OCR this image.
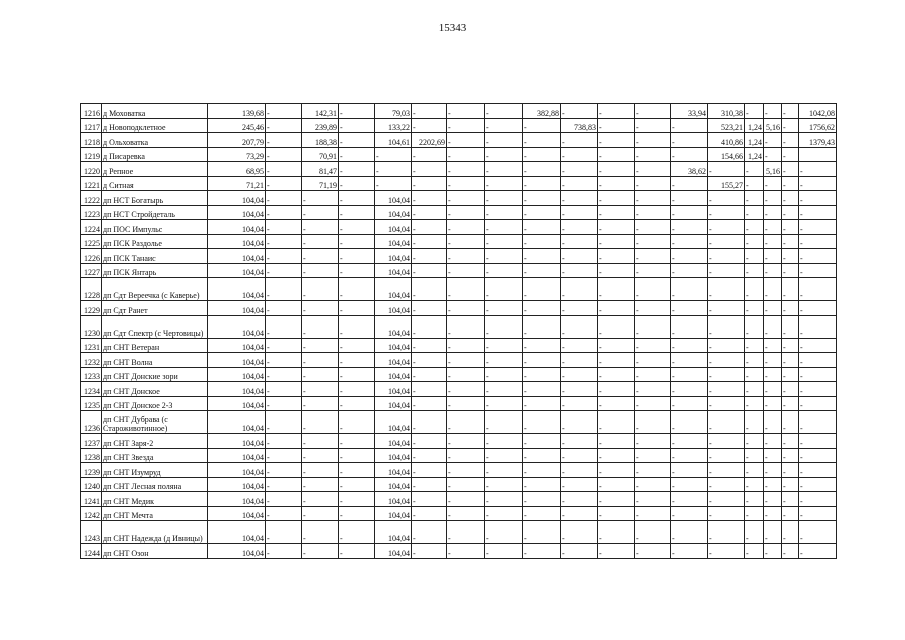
15343
1216	д Моховатка	139,68	-	142,31	-	79,03	-	-	-	382,88	-	-	-	33,94	310,38	-	-	-	1042,08
1217	д Новоподклетное	245,46	-	239,89	-	133,22	-	-	-	-	738,83	-	-	-	523,21	1,24	5,16	-	1756,62
1218	д Ольховатка	207,79	-	188,38	-	104,61	2202,69	-	-	-	-	-	-	-	410,86	1,24	-	-	1379,43
1219	д Писаревка	73,29	-	70,91	-	-	-	-	-	-	-	-	-	-	154,66	1,24	-	-	
1220	д Репное	68,95	-	81,47	-	-	-	-	-	-	-	-	-	38,62	-	-	5,16	-	-
1221	д Ситная	71,21	-	71,19	-	-	-	-	-	-	-	-	-	-	155,27	-	-	-	-
1222	дп НСТ Богатырь	104,04	-	-	-	104,04	-	-	-	-	-	-	-	-	-	-	-	-	-
1223	дп НСТ Стройдеталь	104,04	-	-	-	104,04	-	-	-	-	-	-	-	-	-	-	-	-	-
1224	дп ПОС Импульс	104,04	-	-	-	104,04	-	-	-	-	-	-	-	-	-	-	-	-	-
1225	дп ПСК Раздолье	104,04	-	-	-	104,04	-	-	-	-	-	-	-	-	-	-	-	-	-
1226	дп ПСК Танаис	104,04	-	-	-	104,04	-	-	-	-	-	-	-	-	-	-	-	-	-
1227	дп ПСК Янтарь	104,04	-	-	-	104,04	-	-	-	-	-	-	-	-	-	-	-	-	-
1228	дп Сдт Вереечка (с Каверье)	104,04	-	-	-	104,04	-	-	-	-	-	-	-	-	-	-	-	-	-
1229	дп Сдт Ранет	104,04	-	-	-	104,04	-	-	-	-	-	-	-	-	-	-	-	-	-
1230	дп Сдт Спектр (с Чертовицы)	104,04	-	-	-	104,04	-	-	-	-	-	-	-	-	-	-	-	-	-
1231	дп СНТ Ветеран	104,04	-	-	-	104,04	-	-	-	-	-	-	-	-	-	-	-	-	-
1232	дп СНТ Волна	104,04	-	-	-	104,04	-	-	-	-	-	-	-	-	-	-	-	-	-
1233	дп СНТ Донские зори	104,04	-	-	-	104,04	-	-	-	-	-	-	-	-	-	-	-	-	-
1234	дп СНТ Донское	104,04	-	-	-	104,04	-	-	-	-	-	-	-	-	-	-	-	-	-
1235	дп СНТ Донское 2-3	104,04	-	-	-	104,04	-	-	-	-	-	-	-	-	-	-	-	-	-
1236	дп СНТ Дубрава (с Староживотинное)	104,04	-	-	-	104,04	-	-	-	-	-	-	-	-	-	-	-	-	-
1237	дп СНТ Заря-2	104,04	-	-	-	104,04	-	-	-	-	-	-	-	-	-	-	-	-	-
1238	дп СНТ Звезда	104,04	-	-	-	104,04	-	-	-	-	-	-	-	-	-	-	-	-	-
1239	дп СНТ Изумруд	104,04	-	-	-	104,04	-	-	-	-	-	-	-	-	-	-	-	-	-
1240	дп СНТ Лесная поляна	104,04	-	-	-	104,04	-	-	-	-	-	-	-	-	-	-	-	-	-
1241	дп СНТ Медик	104,04	-	-	-	104,04	-	-	-	-	-	-	-	-	-	-	-	-	-
1242	дп СНТ Мечта	104,04	-	-	-	104,04	-	-	-	-	-	-	-	-	-	-	-	-	-
1243	дп СНТ Надежда (д Ивницы)	104,04	-	-	-	104,04	-	-	-	-	-	-	-	-	-	-	-	-	-
1244	дп СНТ Озон	104,04	-	-	-	104,04	-	-	-	-	-	-	-	-	-	-	-	-	-
